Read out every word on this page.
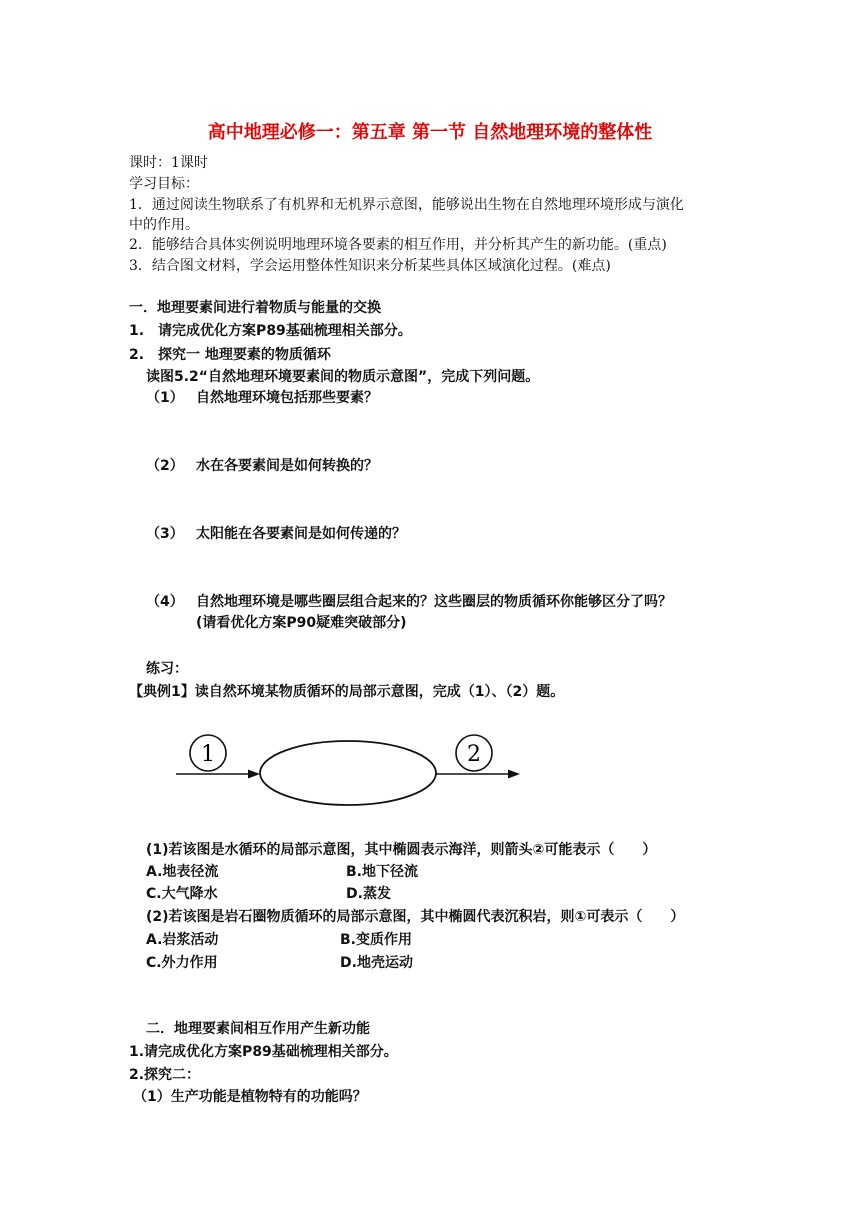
高中地理必修一：第五章 第一节 自然地理环境的整体性
课时：1课时
学习目标：
1．通过阅读生物联系了有机界和无机界示意图，能够说出生物在自然地理环境形成与演化
中的作用。
2．能够结合具体实例说明地理环境各要素的相互作用，并分析其产生的新功能。(重点)
3．结合图文材料，学会运用整体性知识来分析某些具体区域演化过程。(难点)
一．地理要素间进行着物质与能量的交换
1.　请完成优化方案P89基础梳理相关部分。
2.　探究一 地理要素的物质循环
读图5.2“自然地理环境要素间的物质示意图”，完成下列问题。
（1） 自然地理环境包括那些要素？
（2） 水在各要素间是如何转换的？
（3） 太阳能在各要素间是如何传递的？
（4） 自然地理环境是哪些圈层组合起来的？这些圈层的物质循环你能够区分了吗？
(请看优化方案P90疑难突破部分)
练习：
【典例1】读自然环境某物质循环的局部示意图，完成（1）、（2）题。
1	2
(1)若该图是水循环的局部示意图，其中椭圆表示海洋，则箭头②可能表示（　　）
A.地表径流	B.地下径流
C.大气降水	D.蒸发
(2)若该图是岩石圈物质循环的局部示意图，其中椭圆代表沉积岩，则①可表示（　　）
A.岩浆活动	B.变质作用
C.外力作用	D.地壳运动
二．地理要素间相互作用产生新功能
1.请完成优化方案P89基础梳理相关部分。
2.探究二：
（1）生产功能是植物特有的功能吗？
